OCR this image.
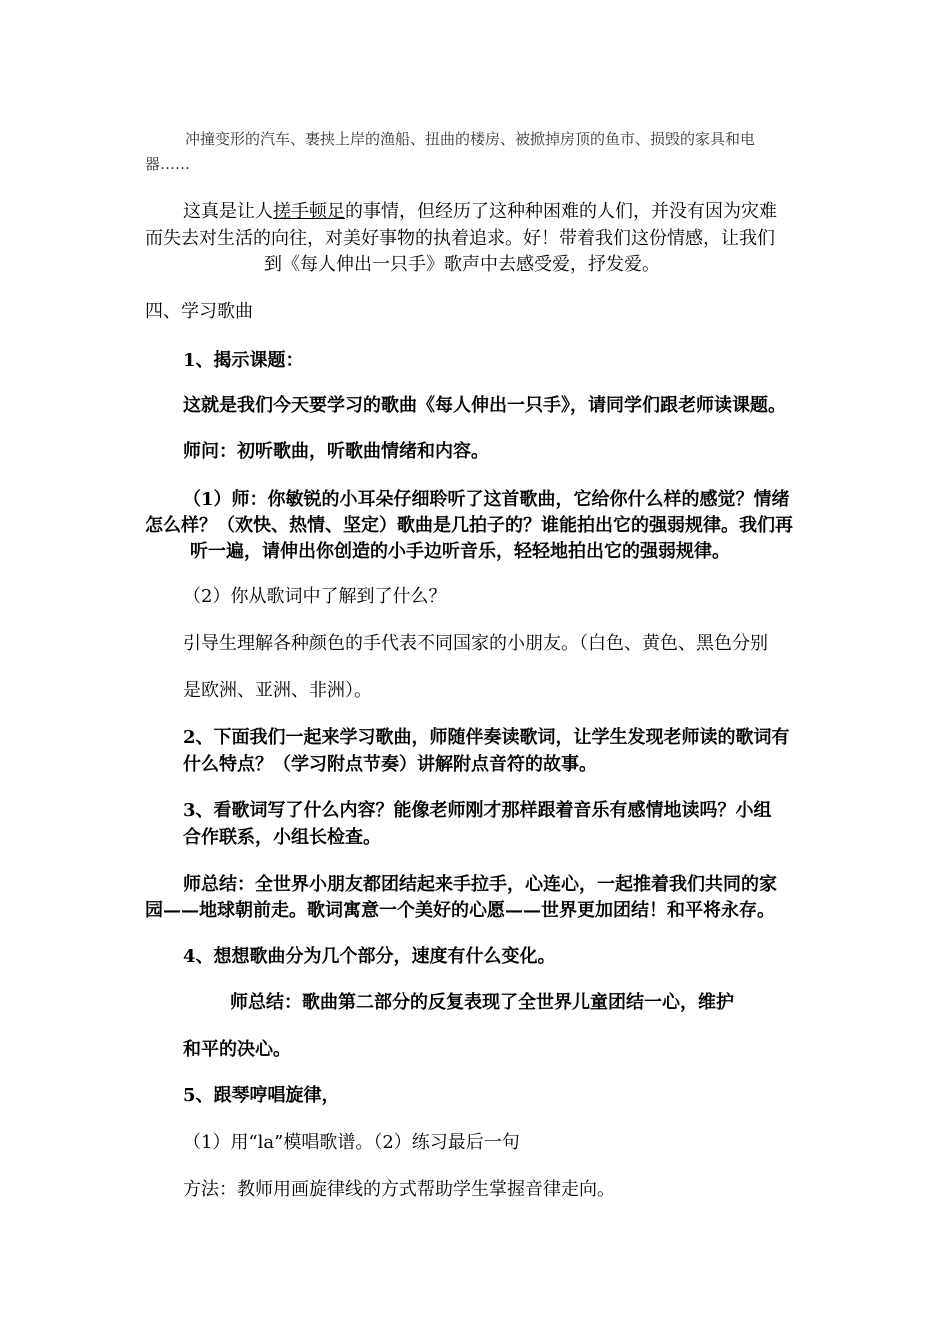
冲撞变形的汽车、裹挟上岸的渔船、扭曲的楼房、被掀掉房顶的鱼市、损毁的家具和电

器……

这真是让人搓手顿足的事情，但经历了这种种困难的人们，并没有因为灾难

而失去对生活的向往，对美好事物的执着追求。好！带着我们这份情感，让我们

到《每人伸出一只手》歌声中去感受爱，抒发爱。

四、学习歌曲

1、揭示课题：

这就是我们今天要学习的歌曲《每人伸出一只手》，请同学们跟老师读课题。

师问：初听歌曲，听歌曲情绪和内容。

（1）师：你敏锐的小耳朵仔细聆听了这首歌曲，它给你什么样的感觉？情绪

怎么样？（欢快、热情、坚定）歌曲是几拍子的？谁能拍出它的强弱规律。我们再

听一遍，请伸出你创造的小手边听音乐，轻轻地拍出它的强弱规律。

（2）你从歌词中了解到了什么？

引导生理解各种颜色的手代表不同国家的小朋友。（白色、黄色、黑色分别

是欧洲、亚洲、非洲）。

2、下面我们一起来学习歌曲，师随伴奏读歌词，让学生发现老师读的歌词有

什么特点？（学习附点节奏）讲解附点音符的故事。

3、看歌词写了什么内容？能像老师刚才那样跟着音乐有感情地读吗？小组

合作联系，小组长检查。

师总结：全世界小朋友都团结起来手拉手，心连心，一起推着我们共同的家

园——地球朝前走。歌词寓意一个美好的心愿——世界更加团结！和平将永存。

4、想想歌曲分为几个部分，速度有什么变化。

师总结：歌曲第二部分的反复表现了全世界儿童团结一心，维护

和平的决心。

5、跟琴哼唱旋律，

（1）用“la”模唱歌谱。（2）练习最后一句

方法：教师用画旋律线的方式帮助学生掌握音律走向。
